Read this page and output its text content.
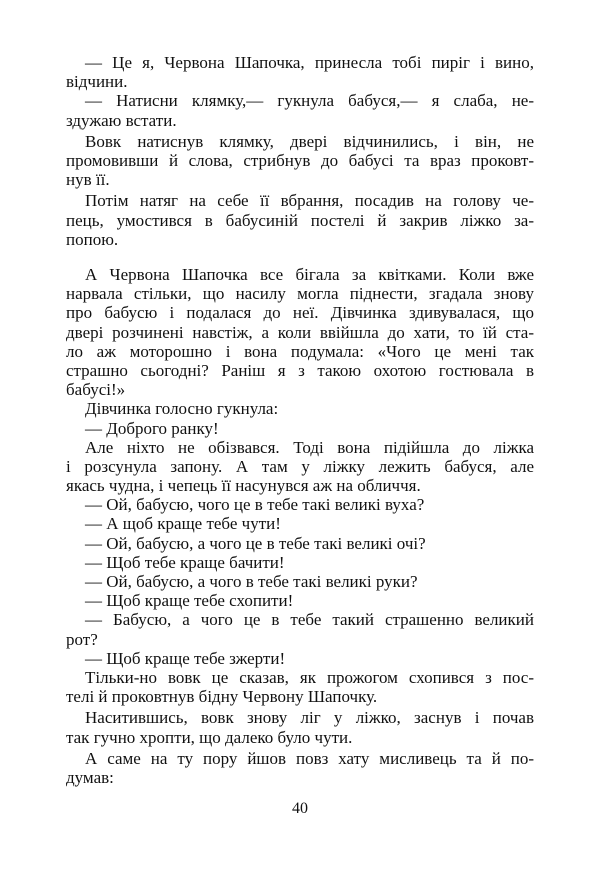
— Це я, Червона Шапочка, принесла тобі пиріг і вино,
відчини.
— Натисни клямку,— гукнула бабуся,— я слаба, не-
здужаю встати.
Вовк натиснув клямку, двері відчинились, і він, не
промовивши й слова, стрибнув до бабусі та враз проковт-
нув її.
Потім натяг на себе її вбрання, посадив на голову че-
пець, умостився в бабусиній постелі й закрив ліжко за-
попою.
А Червона Шапочка все бігала за квітками. Коли вже
нарвала стільки, що насилу могла піднести, згадала знову
про бабусю і подалася до неї. Дівчинка здивувалася, що
двері розчинені навстіж, а коли ввійшла до хати, то їй ста-
ло аж моторошно і вона подумала: «Чого це мені так
страшно сьогодні? Раніш я з такою охотою гостювала в
бабусі!»
Дівчинка голосно гукнула:
— Доброго ранку!
Але ніхто не обізвався. Тоді вона підійшла до ліжка
і розсунула запону. А там у ліжку лежить бабуся, але
якась чудна, і чепець її насунувся аж на обличчя.
— Ой, бабусю, чого це в тебе такі великі вуха?
— А щоб краще тебе чути!
— Ой, бабусю, а чого це в тебе такі великі очі?
— Щоб тебе краще бачити!
— Ой, бабусю, а чого в тебе такі великі руки?
— Щоб краще тебе схопити!
— Бабусю, а чого це в тебе такий страшенно великий
рот?
— Щоб краще тебе зжерти!
Тільки-но вовк це сказав, як прожогом схопився з пос-
телі й проковтнув бідну Червону Шапочку.
Наситившись, вовк знову ліг у ліжко, заснув і почав
так гучно хропти, що далеко було чути.
А саме на ту пору йшов повз хату мисливець та й по-
думав:
40
